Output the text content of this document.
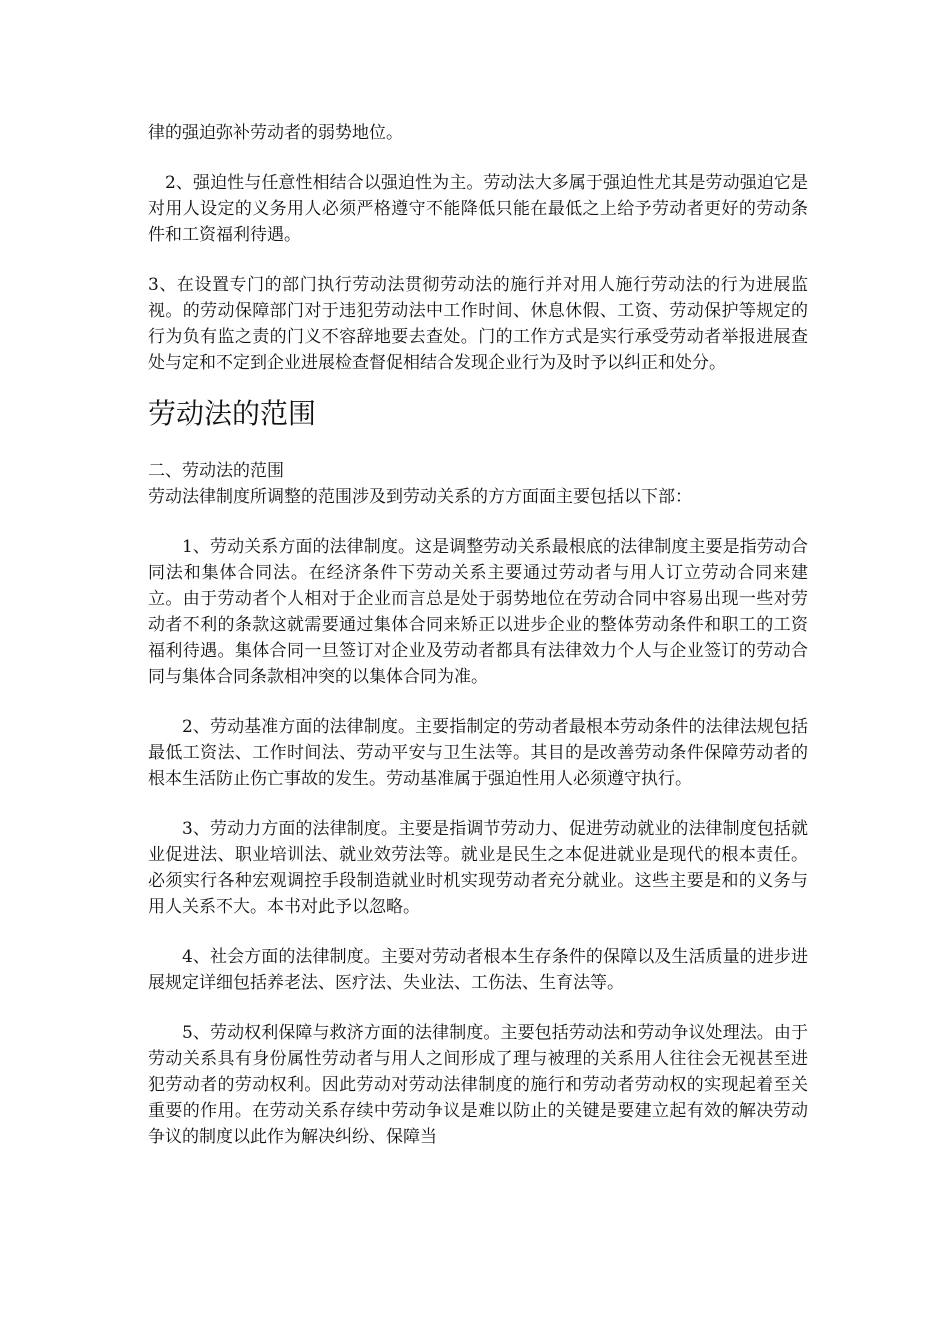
律的强迫弥补劳动者的弱势地位。

2、强迫性与任意性相结合以强迫性为主。劳动法大多属于强迫性尤其是劳动强迫它是对用人设定的义务用人必须严格遵守不能降低只能在最低之上给予劳动者更好的劳动条件和工资福利待遇。

3、在设置专门的部门执行劳动法贯彻劳动法的施行并对用人施行劳动法的行为进展监视。的劳动保障部门对于违犯劳动法中工作时间、休息休假、工资、劳动保护等规定的行为负有监之责的门义不容辞地要去查处。门的工作方式是实行承受劳动者举报进展查处与定和不定到企业进展检查督促相结合发现企业行为及时予以纠正和处分。

劳动法的范围

二、劳动法的范围

劳动法律制度所调整的范围涉及到劳动关系的方方面面主要包括以下部：

1、劳动关系方面的法律制度。这是调整劳动关系最根底的法律制度主要是指劳动合同法和集体合同法。在经济条件下劳动关系主要通过劳动者与用人订立劳动合同来建立。由于劳动者个人相对于企业而言总是处于弱势地位在劳动合同中容易出现一些对劳动者不利的条款这就需要通过集体合同来矫正以进步企业的整体劳动条件和职工的工资福利待遇。集体合同一旦签订对企业及劳动者都具有法律效力个人与企业签订的劳动合同与集体合同条款相冲突的以集体合同为准。

2、劳动基准方面的法律制度。主要指制定的劳动者最根本劳动条件的法律法规包括最低工资法、工作时间法、劳动平安与卫生法等。其目的是改善劳动条件保障劳动者的根本生活防止伤亡事故的发生。劳动基准属于强迫性用人必须遵守执行。

3、劳动力方面的法律制度。主要是指调节劳动力、促进劳动就业的法律制度包括就业促进法、职业培训法、就业效劳法等。就业是民生之本促进就业是现代的根本责任。必须实行各种宏观调控手段制造就业时机实现劳动者充分就业。这些主要是和的义务与用人关系不大。本书对此予以忽略。

4、社会方面的法律制度。主要对劳动者根本生存条件的保障以及生活质量的进步进展规定详细包括养老法、医疗法、失业法、工伤法、生育法等。

5、劳动权利保障与救济方面的法律制度。主要包括劳动法和劳动争议处理法。由于劳动关系具有身份属性劳动者与用人之间形成了理与被理的关系用人往往会无视甚至进犯劳动者的劳动权利。因此劳动对劳动法律制度的施行和劳动者劳动权的实现起着至关重要的作用。在劳动关系存续中劳动争议是难以防止的关键是要建立起有效的解决劳动争议的制度以此作为解决纠纷、保障当
